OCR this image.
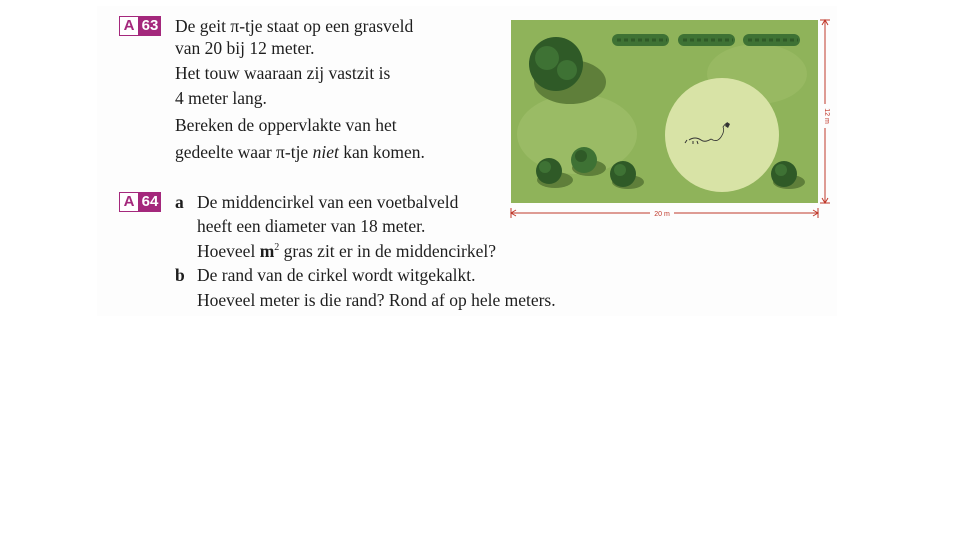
A 63 De geit π-tje staat op een grasveld
van 20 bij 12 meter.
Het touw waaraan zij vastzit is
4 meter lang.
Bereken de oppervlakte van het
gedeelte waar π-tje niet kan komen.
A 64 a De middencirkel van een voetbalveld
heeft een diameter van 18 meter.
Hoeveel $m^2$ gras zit er in de middencirkel?
b De rand van de cirkel wordt witgekalkt.
Hoeveel meter is die rand? Rond af op hele meters.
12 m
20 m
